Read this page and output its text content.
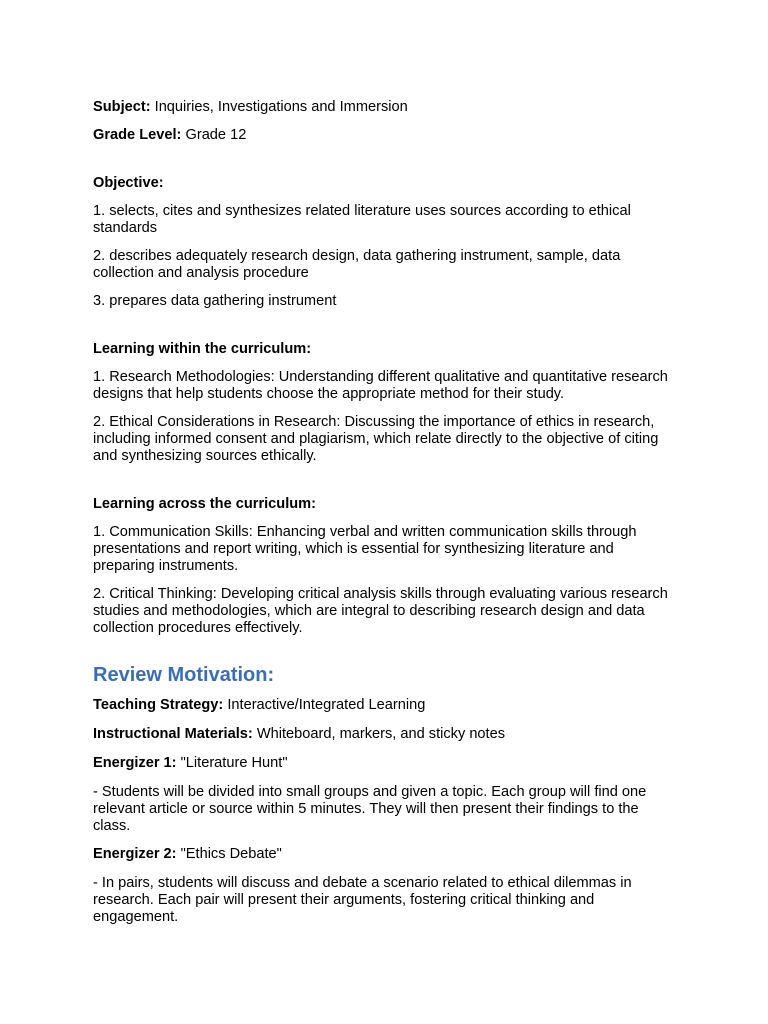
Subject: Inquiries, Investigations and Immersion

Grade Level: Grade 12

Objective:

1. selects, cites and synthesizes related literature uses sources according to ethical standards

2. describes adequately research design, data gathering instrument, sample, data collection and analysis procedure

3. prepares data gathering instrument

Learning within the curriculum:

1. Research Methodologies: Understanding different qualitative and quantitative research designs that help students choose the appropriate method for their study.

2. Ethical Considerations in Research: Discussing the importance of ethics in research, including informed consent and plagiarism, which relate directly to the objective of citing and synthesizing sources ethically.

Learning across the curriculum:

1. Communication Skills: Enhancing verbal and written communication skills through presentations and report writing, which is essential for synthesizing literature and preparing instruments.

2. Critical Thinking: Developing critical analysis skills through evaluating various research studies and methodologies, which are integral to describing research design and data collection procedures effectively.

Review Motivation:

Teaching Strategy: Interactive/Integrated Learning

Instructional Materials: Whiteboard, markers, and sticky notes

Energizer 1: "Literature Hunt"

- Students will be divided into small groups and given a topic. Each group will find one relevant article or source within 5 minutes. They will then present their findings to the class.

Energizer 2: "Ethics Debate"

- In pairs, students will discuss and debate a scenario related to ethical dilemmas in research. Each pair will present their arguments, fostering critical thinking and engagement.
